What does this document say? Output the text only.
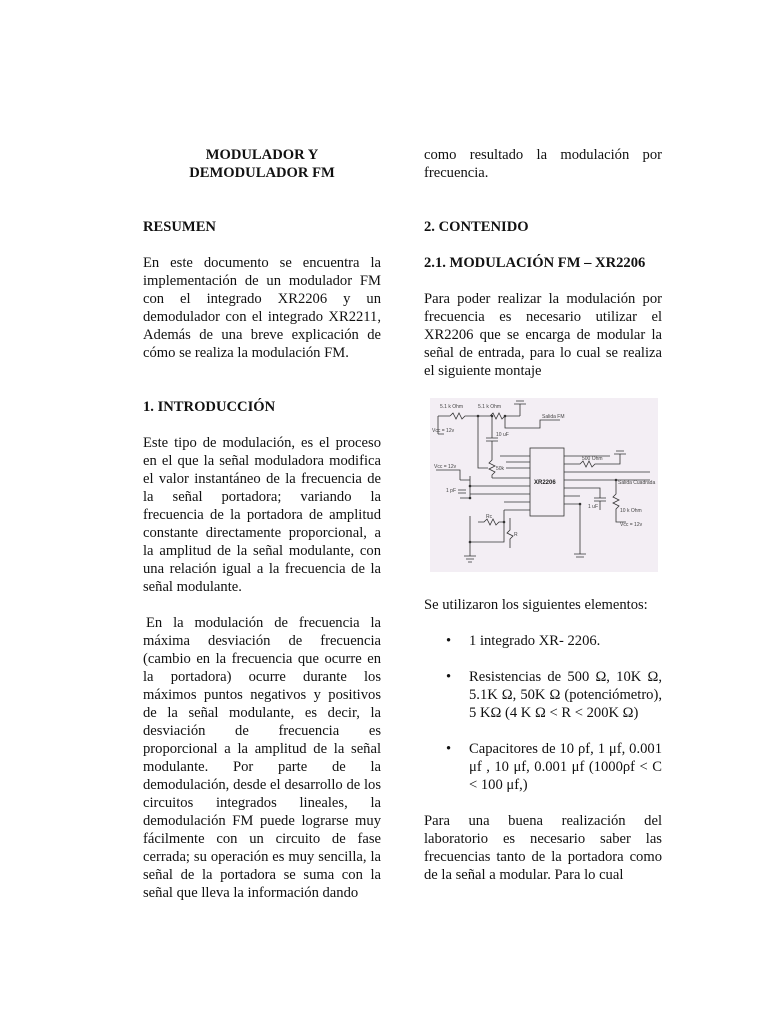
MODULADOR Y
DEMODULADOR FM

RESUMEN

En este documento se encuentra la implementación de un modulador FM con el integrado XR2206 y un demodulador con el integrado XR2211, Además de una breve explicación de cómo se realiza la modulación FM.

1. INTRODUCCIÓN

Este tipo de modulación, es el proceso en el que la señal moduladora modifica el valor instantáneo de la frecuencia de la señal portadora; variando la frecuencia de la portadora de amplitud constante directamente proporcional, a la amplitud de la señal modulante, con una relación igual a la frecuencia de la señal modulante.

En la modulación de frecuencia la máxima desviación de frecuencia (cambio en la frecuencia que ocurre en la portadora) ocurre durante los máximos puntos negativos y positivos de la señal modulante, es decir, la desviación de frecuencia es proporcional a la amplitud de la señal modulante. Por parte de la demodulación, desde el desarrollo de los circuitos integrados lineales, la demodulación FM puede lograrse muy fácilmente con un circuito de fase cerrada; su operación es muy sencilla, la señal de la portadora se suma con la señal que lleva la información dando

como resultado la modulación por frecuencia.

2. CONTENIDO

2.1. MODULACIÓN FM – XR2206

Para poder realizar la modulación por frecuencia es necesario utilizar el XR2206 que se encarga de modular la señal de entrada, para lo cual se realiza el siguiente montaje

XR2206
5.1 k Ohm	5.1 k Ohm
Vcc = 12v
Salida FM
10 uF
50k
500 Ohm
Vcc = 12v
1 pF
Salida Cuadrada
Rc
R
1 uF
10 k Ohm
Vcc = 12v

Se utilizaron los siguientes elementos:

• 1 integrado XR- 2206.
• Resistencias de 500 Ω, 10K Ω, 5.1K Ω, 50K Ω (potenciómetro), 5 KΩ (4 K Ω < R < 200K Ω)
• Capacitores de 10 ρf, 1 μf, 0.001 μf , 10 μf, 0.001 μf (1000ρf < C < 100 μf,)

Para una buena realización del laboratorio es necesario saber las frecuencias tanto de la portadora como de la señal a modular. Para lo cual
